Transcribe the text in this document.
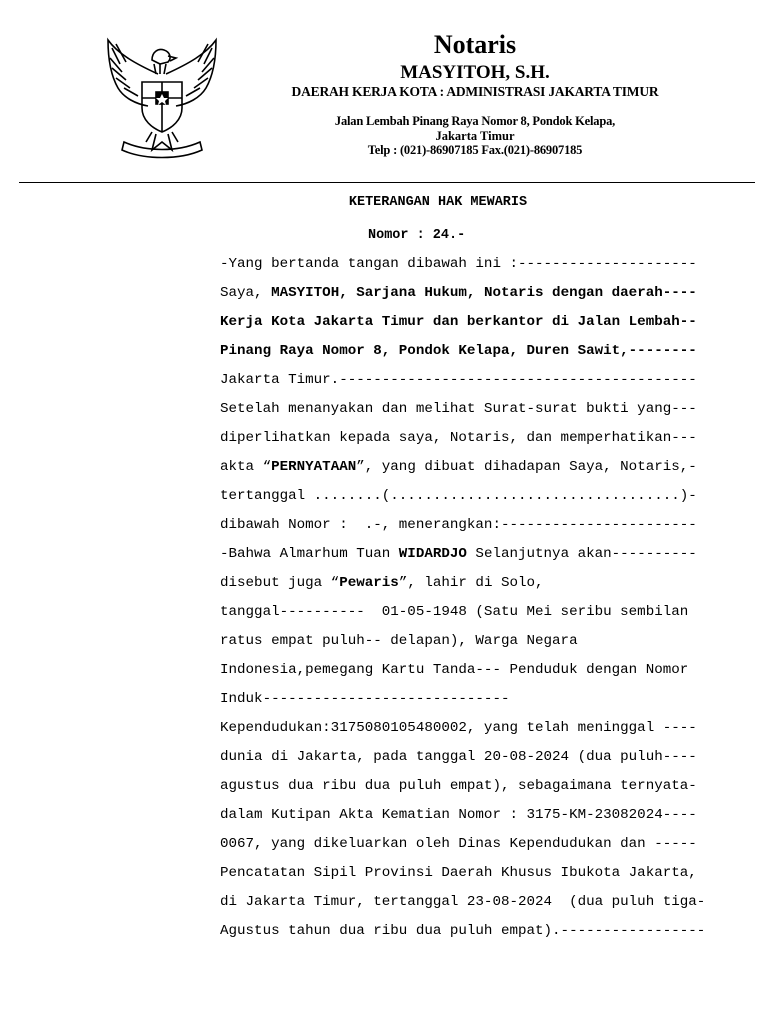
Notaris
MASYITOH, S.H.
DAERAH KERJA KOTA : ADMINISTRASI JAKARTA TIMUR
Jalan Lembah Pinang Raya Nomor 8, Pondok Kelapa,
Jakarta Timur
Telp : (021)-86907185 Fax.(021)-86907185
KETERANGAN HAK MEWARIS
Nomor : 24.-
-Yang bertanda tangan dibawah ini :---------------------
Saya, MASYITOH, Sarjana Hukum, Notaris dengan daerah----
Kerja Kota Jakarta Timur dan berkantor di Jalan Lembah--
Pinang Raya Nomor 8, Pondok Kelapa, Duren Sawit,--------
Jakarta Timur.------------------------------------------
Setelah menanyakan dan melihat Surat-surat bukti yang---
diperlihatkan kepada saya, Notaris, dan memperhatikan---
akta “PERNYATAAN”, yang dibuat dihadapan Saya, Notaris,-
tertanggal ........(..................................)-
dibawah Nomor :  .-, menerangkan:-----------------------
-Bahwa Almarhum Tuan WIDARDJO Selanjutnya akan----------
disebut juga “Pewaris”, lahir di Solo,
tanggal----------  01-05-1948 (Satu Mei seribu sembilan
ratus empat puluh-- delapan), Warga Negara
Indonesia,pemegang Kartu Tanda--- Penduduk dengan Nomor
Induk-----------------------------
Kependudukan:3175080105480002, yang telah meninggal ----
dunia di Jakarta, pada tanggal 20-08-2024 (dua puluh----
agustus dua ribu dua puluh empat), sebagaimana ternyata-
dalam Kutipan Akta Kematian Nomor : 3175-KM-23082024----
0067, yang dikeluarkan oleh Dinas Kependudukan dan -----
Pencatatan Sipil Provinsi Daerah Khusus Ibukota Jakarta,
di Jakarta Timur, tertanggal 23-08-2024  (dua puluh tiga-
Agustus tahun dua ribu dua puluh empat).-----------------
